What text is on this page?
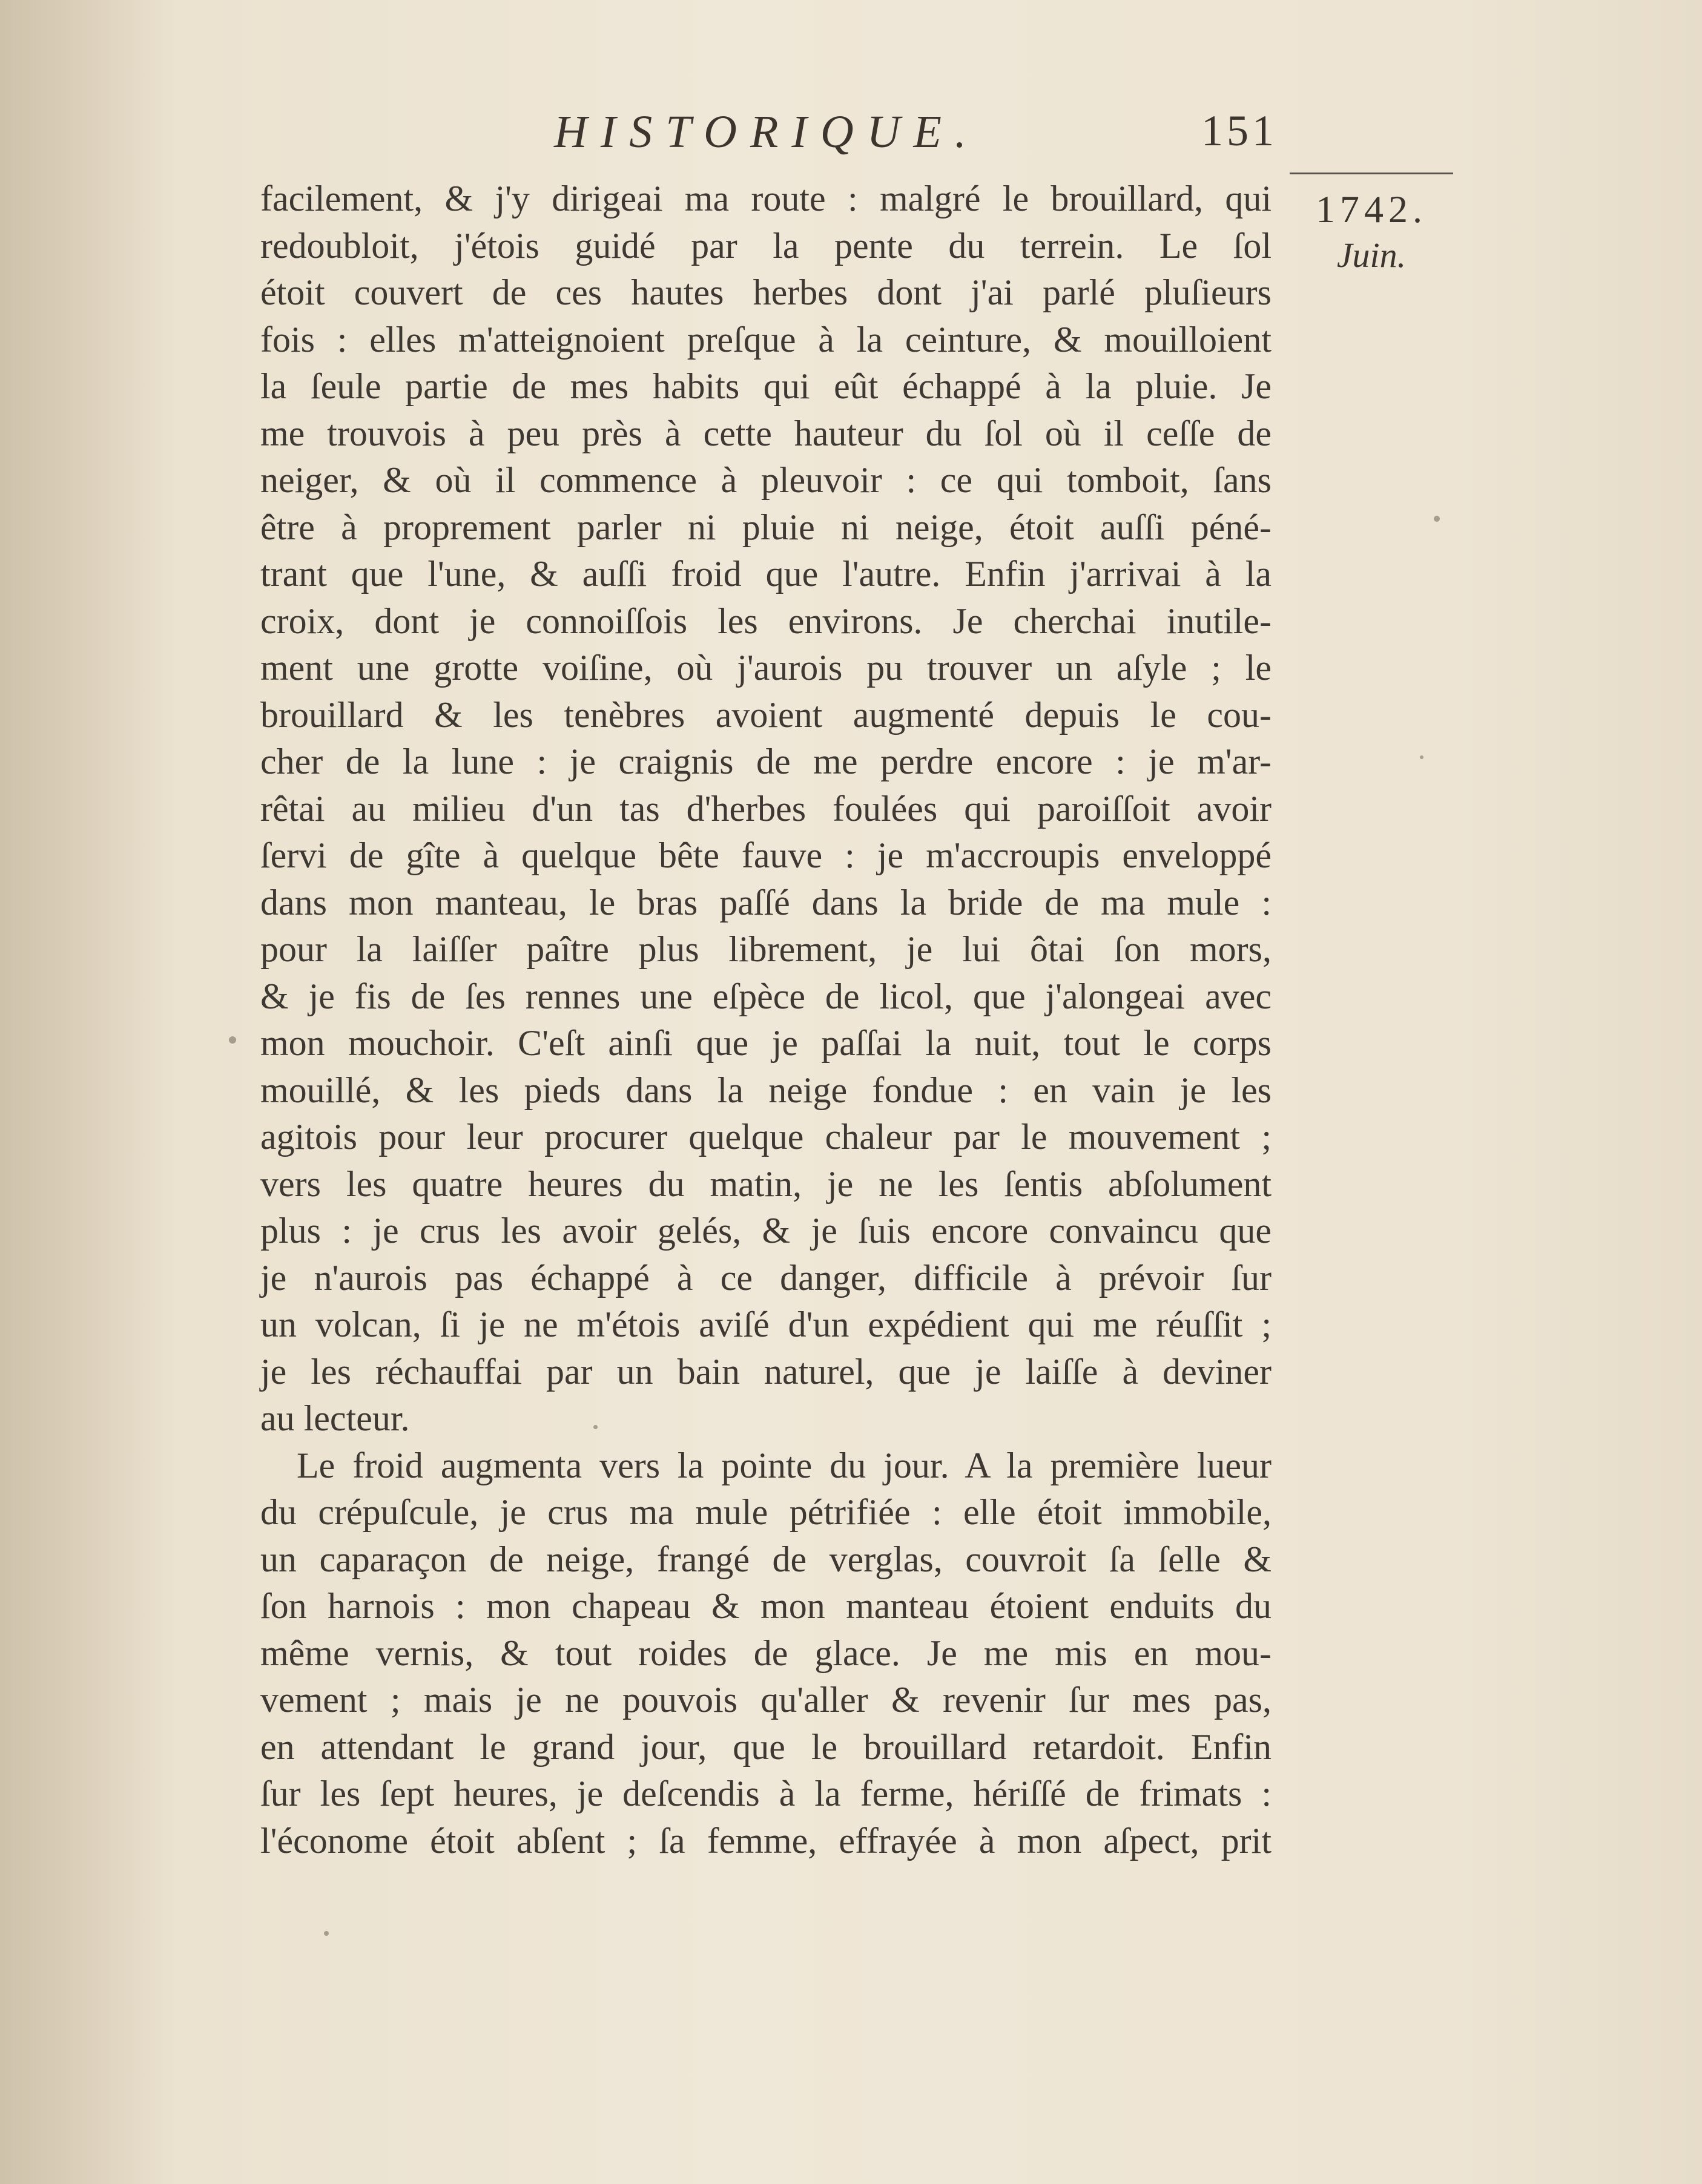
HISTORIQUE.	151
1742.
Juin.
facilement, & j'y dirigeai ma route : malgré le brouillard, qui
redoubloit, j'étois guidé par la pente du terrein. Le ſol
étoit couvert de ces hautes herbes dont j'ai parlé pluſieurs
fois : elles m'atteignoient preſque à la ceinture, & mouilloient
la ſeule partie de mes habits qui eût échappé à la pluie. Je
me trouvois à peu près à cette hauteur du ſol où il ceſſe de
neiger, & où il commence à pleuvoir : ce qui tomboit, ſans
être à proprement parler ni pluie ni neige, étoit auſſi péné-
trant que l'une, & auſſi froid que l'autre. Enfin j'arrivai à la
croix, dont je connoiſſois les environs. Je cherchai inutile-
ment une grotte voiſine, où j'aurois pu trouver un aſyle ; le
brouillard & les tenèbres avoient augmenté depuis le cou-
cher de la lune : je craignis de me perdre encore : je m'ar-
rêtai au milieu d'un tas d'herbes foulées qui paroiſſoit avoir
ſervi de gîte à quelque bête fauve : je m'accroupis enveloppé
dans mon manteau, le bras paſſé dans la bride de ma mule :
pour la laiſſer paître plus librement, je lui ôtai ſon mors,
& je fis de ſes rennes une eſpèce de licol, que j'alongeai avec
mon mouchoir. C'eſt ainſi que je paſſai la nuit, tout le corps
mouillé, & les pieds dans la neige fondue : en vain je les
agitois pour leur procurer quelque chaleur par le mouvement ;
vers les quatre heures du matin, je ne les ſentis abſolument
plus : je crus les avoir gelés, & je ſuis encore convaincu que
je n'aurois pas échappé à ce danger, difficile à prévoir ſur
un volcan, ſi je ne m'étois aviſé d'un expédient qui me réuſſit ;
je les réchauffai par un bain naturel, que je laiſſe à deviner
au lecteur.
Le froid augmenta vers la pointe du jour. A la première lueur
du crépuſcule, je crus ma mule pétrifiée : elle étoit immobile,
un caparaçon de neige, frangé de verglas, couvroit ſa ſelle &
ſon harnois : mon chapeau & mon manteau étoient enduits du
même vernis, & tout roides de glace. Je me mis en mou-
vement ; mais je ne pouvois qu'aller & revenir ſur mes pas,
en attendant le grand jour, que le brouillard retardoit. Enfin
ſur les ſept heures, je deſcendis à la ferme, hériſſé de frimats :
l'économe étoit abſent ; ſa femme, effrayée à mon aſpect, prit
